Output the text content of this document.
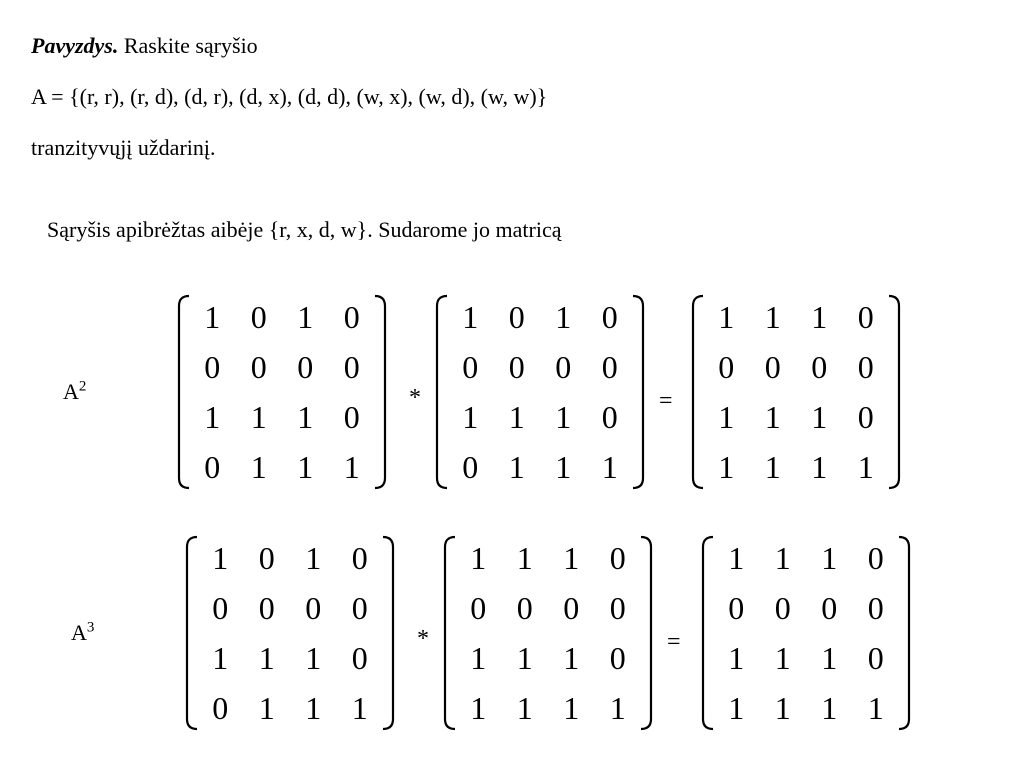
Pavyzdys. Raskite sąryšio
A = {(r, r), (r, d), (d, r), (d, x), (d, d), (w, x), (w, d), (w, w)}
tranzityvųjį uždarinį.
Sąryšis apibrėžtas aibėje {r, x, d, w}. Sudarome jo matricą
$A^2$
1 0 1 0
0 0 0 0
1 1 1 0
0 1 1 1
*
1 0 1 0
0 0 0 0
1 1 1 0
0 1 1 1
=
1 1 1 0
0 0 0 0
1 1 1 0
1 1 1 1
$A^3$
1 0 1 0
0 0 0 0
1 1 1 0
0 1 1 1
*
1 1 1 0
0 0 0 0
1 1 1 0
1 1 1 1
=
1 1 1 0
0 0 0 0
1 1 1 0
1 1 1 1
